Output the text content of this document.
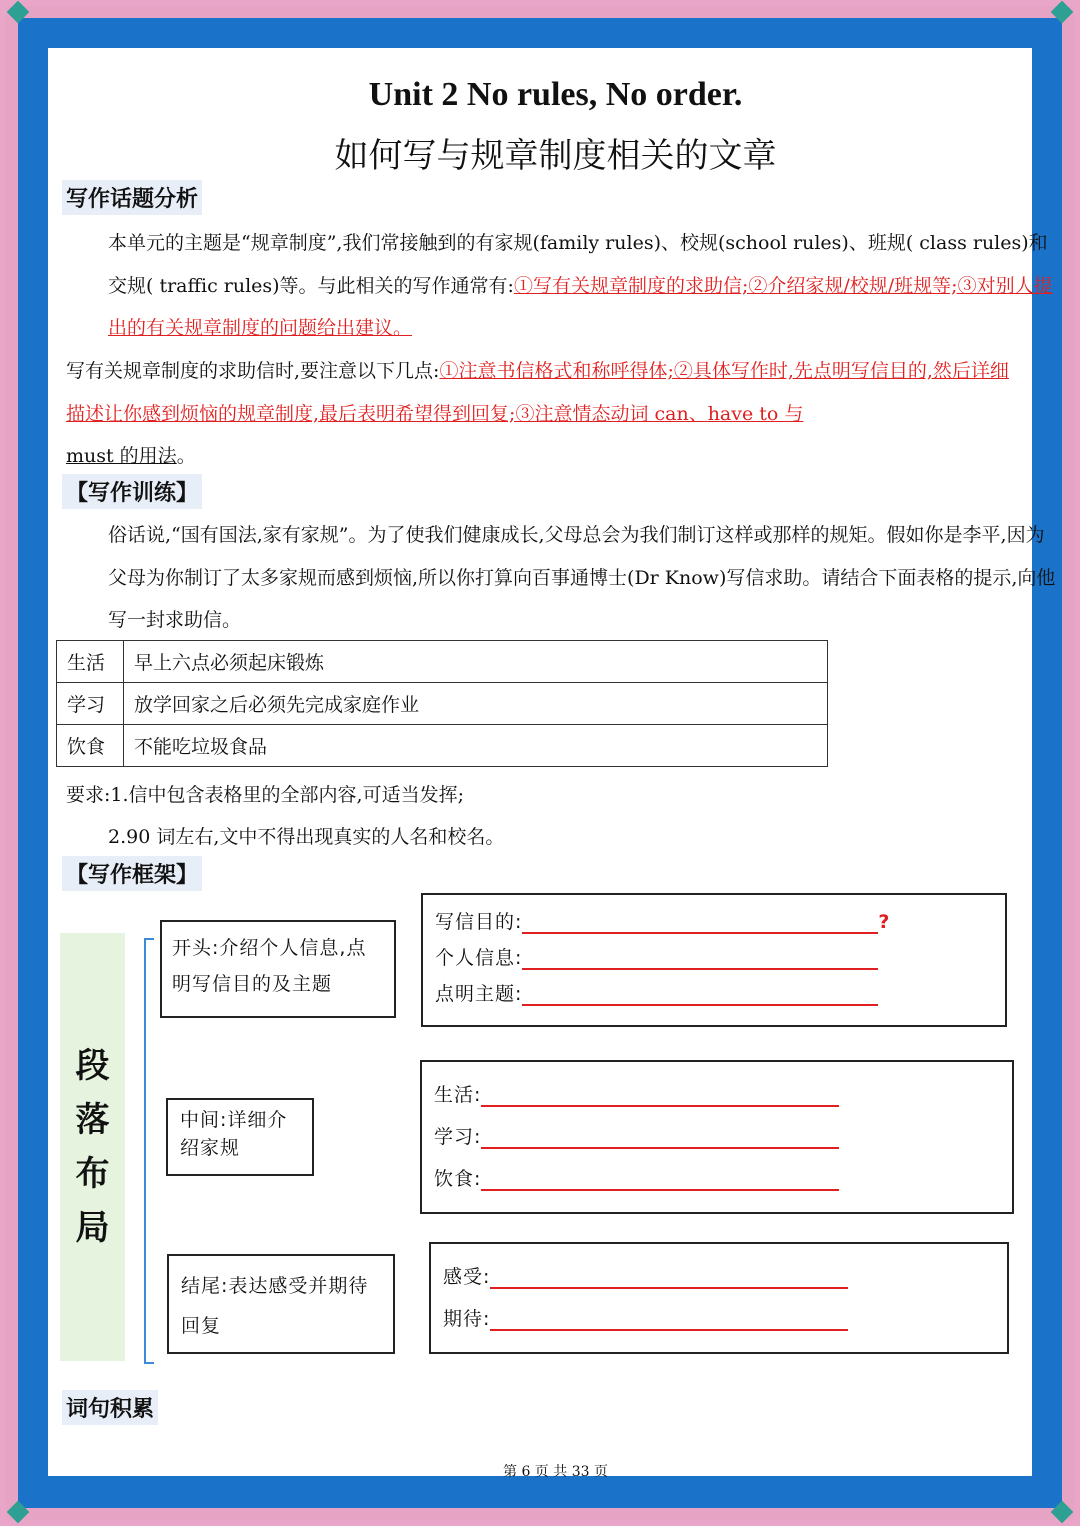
Unit 2 No rules, No order.
如何写与规章制度相关的文章
写作话题分析
本单元的主题是“规章制度”,我们常接触到的有家规(family rules)、校规(school rules)、班规( class rules)和交规( traffic rules)等。与此相关的写作通常有:①写有关规章制度的求助信;②介绍家规/校规/班规等;③对别人提出的有关规章制度的问题给出建议。
写有关规章制度的求助信时,要注意以下几点:①注意书信格式和称呼得体;②具体写作时,先点明写信目的,然后详细描述让你感到烦恼的规章制度,最后表明希望得到回复;③注意情态动词 can、have to 与
must 的用法。
【写作训练】
俗话说,“国有国法,家有家规”。为了使我们健康成长,父母总会为我们制订这样或那样的规矩。假如你是李平,因为父母为你制订了太多家规而感到烦恼,所以你打算向百事通博士(Dr Know)写信求助。请结合下面表格的提示,向他写一封求助信。
生活	早上六点必须起床锻炼
学习	放学回家之后必须先完成家庭作业
饮食	不能吃垃圾食品
要求:1.信中包含表格里的全部内容,可适当发挥;
2.90 词左右,文中不得出现真实的人名和校名。
【写作框架】
段
落
布
局
开头:介绍个人信息,点明写信目的及主题
中间:详细介绍家规
结尾:表达感受并期待回复
写信目的:	?
个人信息:
点明主题:
生活:
学习:
饮食:
感受:
期待:
词句积累
第 6 页 共 33 页
